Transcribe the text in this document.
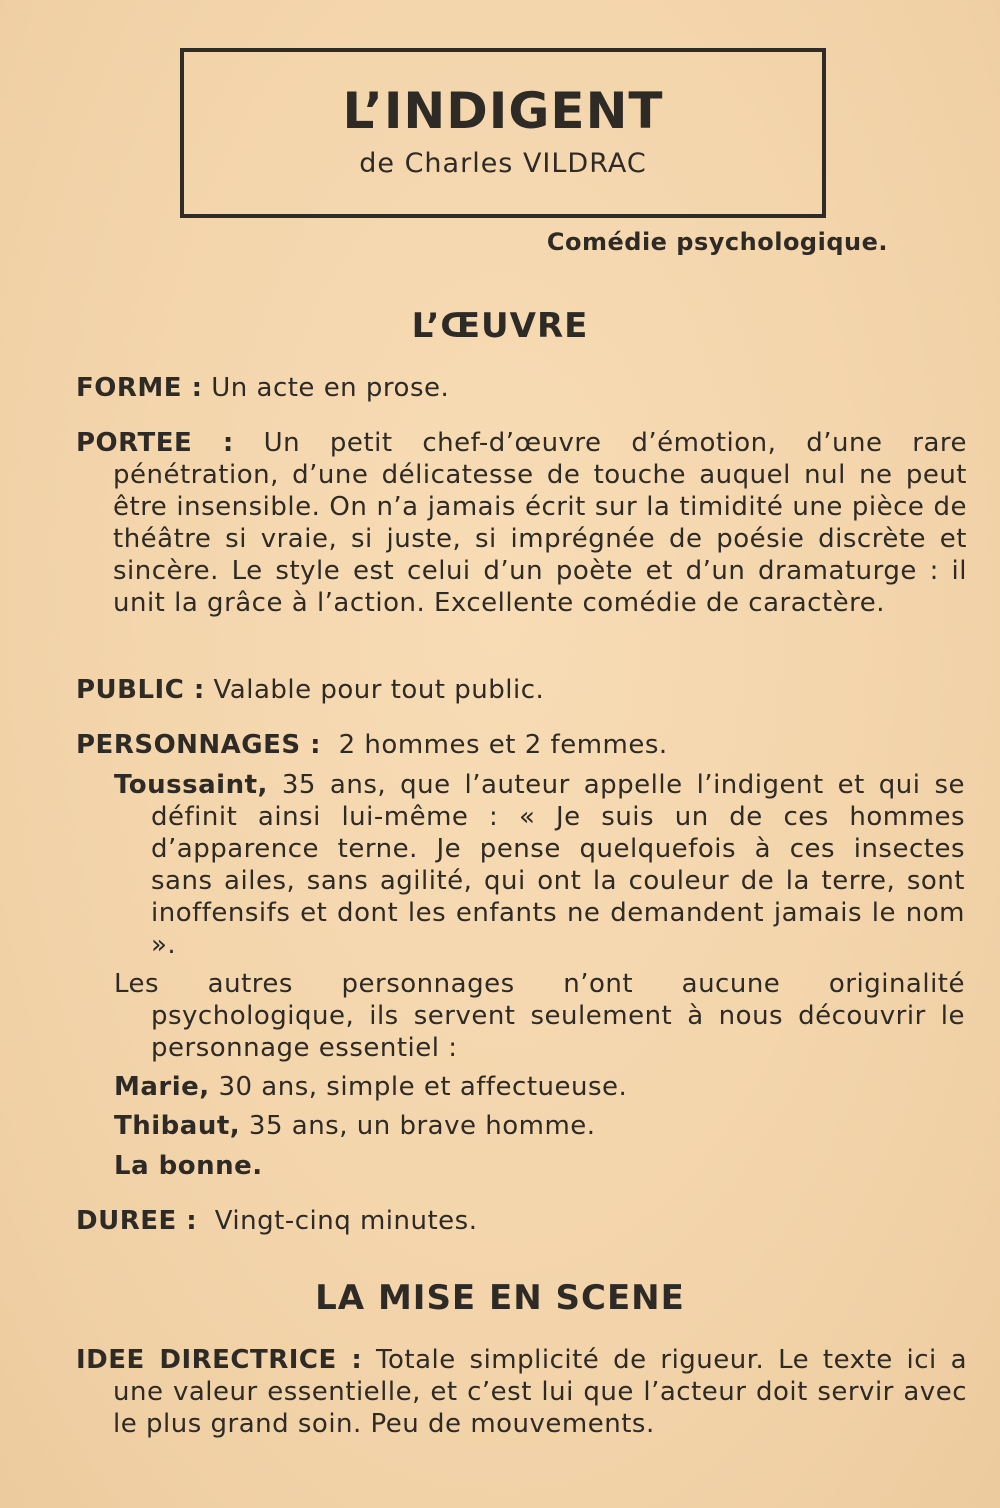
L’INDIGENT
de Charles VILDRAC
Comédie psychologique.
L’ŒUVRE
FORME : Un acte en prose.
PORTEE : Un petit chef-d’œuvre d’émotion, d’une rare pénétration, d’une délicatesse de touche auquel nul ne peut être insensible. On n’a jamais écrit sur la timidité une pièce de théâtre si vraie, si juste, si imprégnée de poésie discrète et sincère. Le style est celui d’un poète et d’un dramaturge : il unit la grâce à l’action. Excellente comédie de caractère.
PUBLIC : Valable pour tout public.
PERSONNAGES : 2 hommes et 2 femmes.
Toussaint, 35 ans, que l’auteur appelle l’indigent et qui se définit ainsi lui-même : « Je suis un de ces hommes d’apparence terne. Je pense quelquefois à ces insectes sans ailes, sans agilité, qui ont la couleur de la terre, sont inoffensifs et dont les enfants ne demandent jamais le nom ».
Les autres personnages n’ont aucune originalité psychologique, ils servent seulement à nous découvrir le personnage essentiel :
Marie, 30 ans, simple et affectueuse.
Thibaut, 35 ans, un brave homme.
La bonne.
DUREE : Vingt-cinq minutes.
LA MISE EN SCENE
IDEE DIRECTRICE : Totale simplicité de rigueur. Le texte ici a une valeur essentielle, et c’est lui que l’acteur doit servir avec le plus grand soin. Peu de mouvements.
